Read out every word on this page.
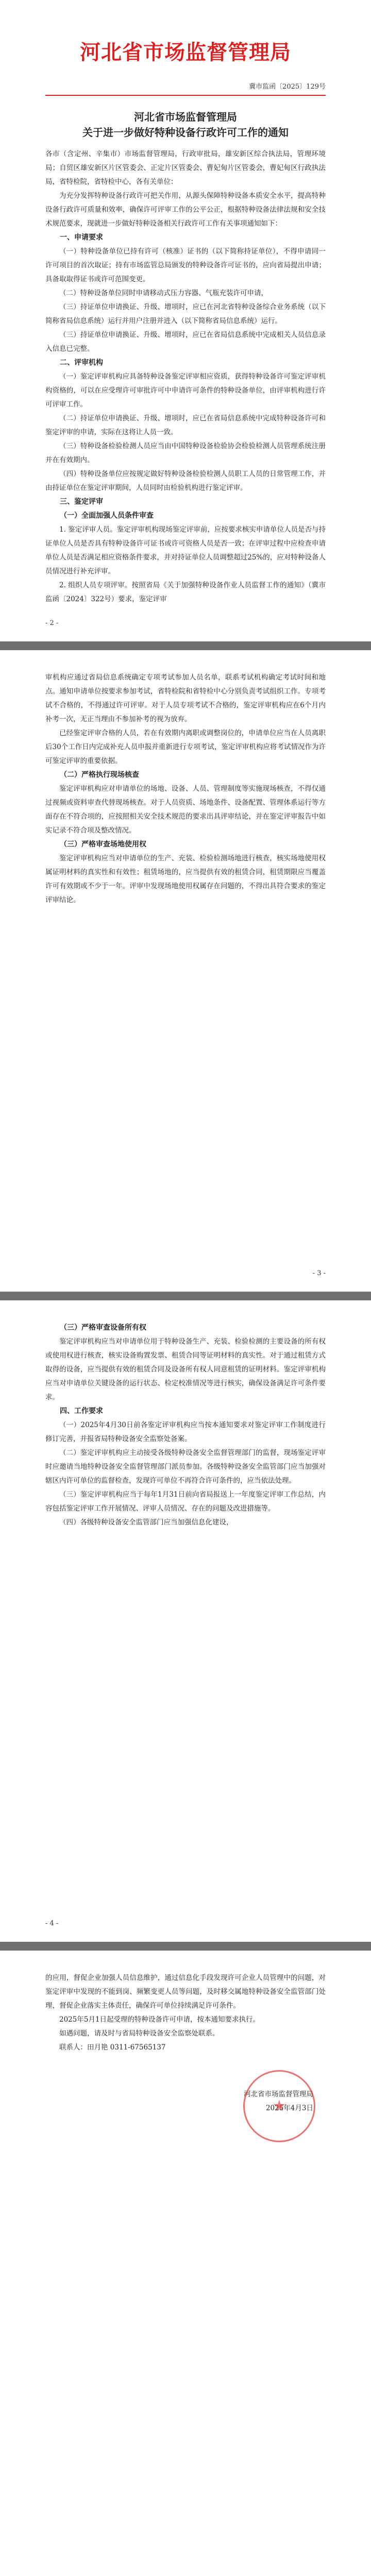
河北省市场监督管理局
冀市监函〔2025〕129号
河北省市场监督管理局
关于进一步做好特种设备行政许可工作的通知

各市（含定州、辛集市）市场监督管理局，行政审批局，雄安新区综合执法局，管理环境局；自贸区雄安新区片区管委会、正定片区管委会、曹妃甸片区管委会，曹妃甸区行政执法局，省特检院，省特检中心，各有关单位：

为充分发挥特种设备行政许可把关作用，从源头保障特种设备本质安全水平，提高特种设备行政许可质量和效率，确保许可评审工作的公平公正，根据特种设备法律法规和安全技术规范要求，现就进一步做好特种设备相关行政许可工作有关事项通知如下：

一、申请要求

（一）特种设备单位已持有许可（核准）证书的（以下简称持证单位），不得申请同一许可项目的首次取证；持有市场监管总局颁发的特种设备许可证书的，应向省局提出申请；具备取取得证书或许可范围变更。

（二）特种设备单位同时申请移动式压力容器、气瓶充装许可申请，

（三）持证单位申请换证、升级、增项时，应已在河北省特种设备综合业务系统（以下简称省局信息系统）运行并用户注册并进入（以下简称省局信息系统）运行。

（三）持证单位申请换证、升级、增项时，应已在省局信息系统中完成相关人员信息录入信息已完整。

二、评审机构

（一）鉴定评审机构应具备特种设备鉴定评审相应资质，获得特种设备许可鉴定评审机构资格的，可以在应受理许可审批许可中申请许可条件的特种设备单位，由评审机构进行许可评审工作。

（二）持证单位申请换证、升级、增项时，应已在省局信息系统中完成特种设备许可和鉴定评审的申请，实际在这将让人员一致。

（三）特种设备检验检测人员应当由中国特种设备检验协会检验检测人员管理系统注册并在有效期内。

（四）特种设备单位应按规定做好特种设备检验检测人员职工人员的日常管理工作，并由持证单位在鉴定评审期间，人员同时由检验机构进行鉴定评审。

三、鉴定评审

（一）全面加强人员条件审查

1. 鉴定评审人员。鉴定评审机构现场鉴定评审前，应按要求核实申请单位人员是否与持证单位人员是否具有特种设备许可证书或许可资格人员是否一致；在评审过程中应检查申请单位人员是否满足相应资格条件要求，并对持证单位人员调整超过25%的，应对特种设备人员情况进行补充评审。

2. 组织人员专项评审。按照省局《关于加强特种设备作业人员监督工作的通知》（冀市监函〔2024〕322号）要求，鉴定评审

- 2 -

审机构应通过省局信息系统确定专项考试参加人员名单，联系考试机构确定考试时间和地点。通知申请单位按要求参加考试，省特检院和省特检中心分别负责考试组织工作。专项考试不合格的，不得通过许可评审。对于人员专项考试不合格的，鉴定评审机构应在6个月内补考一次，无正当理由不参加补考的视为放弃。

已经鉴定评审合格的人员，若在有效期内离职或调整岗位的，申请单位应当在人员离职后30个工作日内完成补充人员申报并重新进行专项考试，鉴定评审机构应将考试情况作为许可鉴定评审的重要依据。

（二）严格执行现场核查

鉴定评审机构应对申请单位的场地、设备、人员、管理制度等实施现场核查，不得仅通过视频或资料审查代替现场核查。对于人员资质、场地条件、设备配置、管理体系运行等方面存在不符合项的，应按照相关安全技术规范的要求出具评审结论，并在鉴定评审报告中如实记录不符合项及整改情况。

（三）严格审查场地使用权

鉴定评审机构应当对申请单位的生产、充装、检验检测场地进行核查，核实场地使用权属证明材料的真实性和有效性；租赁场地的，应当提供有效的租赁合同，租赁期限应当覆盖许可有效期或不少于一年。评审中发现场地使用权属存在问题的，不得出具符合要求的鉴定评审结论。

- 3 -

（三）严格审查设备所有权

鉴定评审机构应当对申请单位用于特种设备生产、充装、检验检测的主要设备的所有权或使用权进行核查，核实设备购置发票、租赁合同等证明材料的真实性。对于通过租赁方式取得的设备，应当提供有效的租赁合同及设备所有权人同意租赁的证明材料。鉴定评审机构应当对申请单位关键设备的运行状态、检定校准情况等进行核实，确保设备满足许可条件要求。

四、工作要求

（一）2025年4月30日前各鉴定评审机构应当按本通知要求对鉴定评审工作制度进行修订完善，并报省局特种设备安全监察处备案。

（二）鉴定评审机构应主动接受各级特种设备安全监督管理部门的监督，现场鉴定评审时应邀请当地特种设备安全监督管理部门派员参加。各级特种设备安全监管部门应当加强对辖区内许可单位的监督检查，发现许可单位不再符合许可条件的，应当依法处理。

（三）鉴定评审机构应当于每年1月31日前向省局报送上一年度鉴定评审工作总结，内容包括鉴定评审工作开展情况、评审人员情况、存在的问题及改进措施等。

（四）各级特种设备安全监管部门应当加强信息化建设，

- 4 -

的应用，督促企业加强人员信息维护，通过信息化手段发现许可企业人员管理中的问题，对鉴定评审中发现的不能到岗、频繁变更人员等问题，及时移交属地特种设备安全监管部门处理，督促企业落实主体责任，确保许可单位持续满足许可条件。

2025年5月1日起受理的特种设备许可申请，按本通知要求执行。

如遇问题，请及时与省局特种设备安全监察处联系。

联系人：田月艳 0311-67565137

★
河北省市场监督管理局
2025年4月3日
